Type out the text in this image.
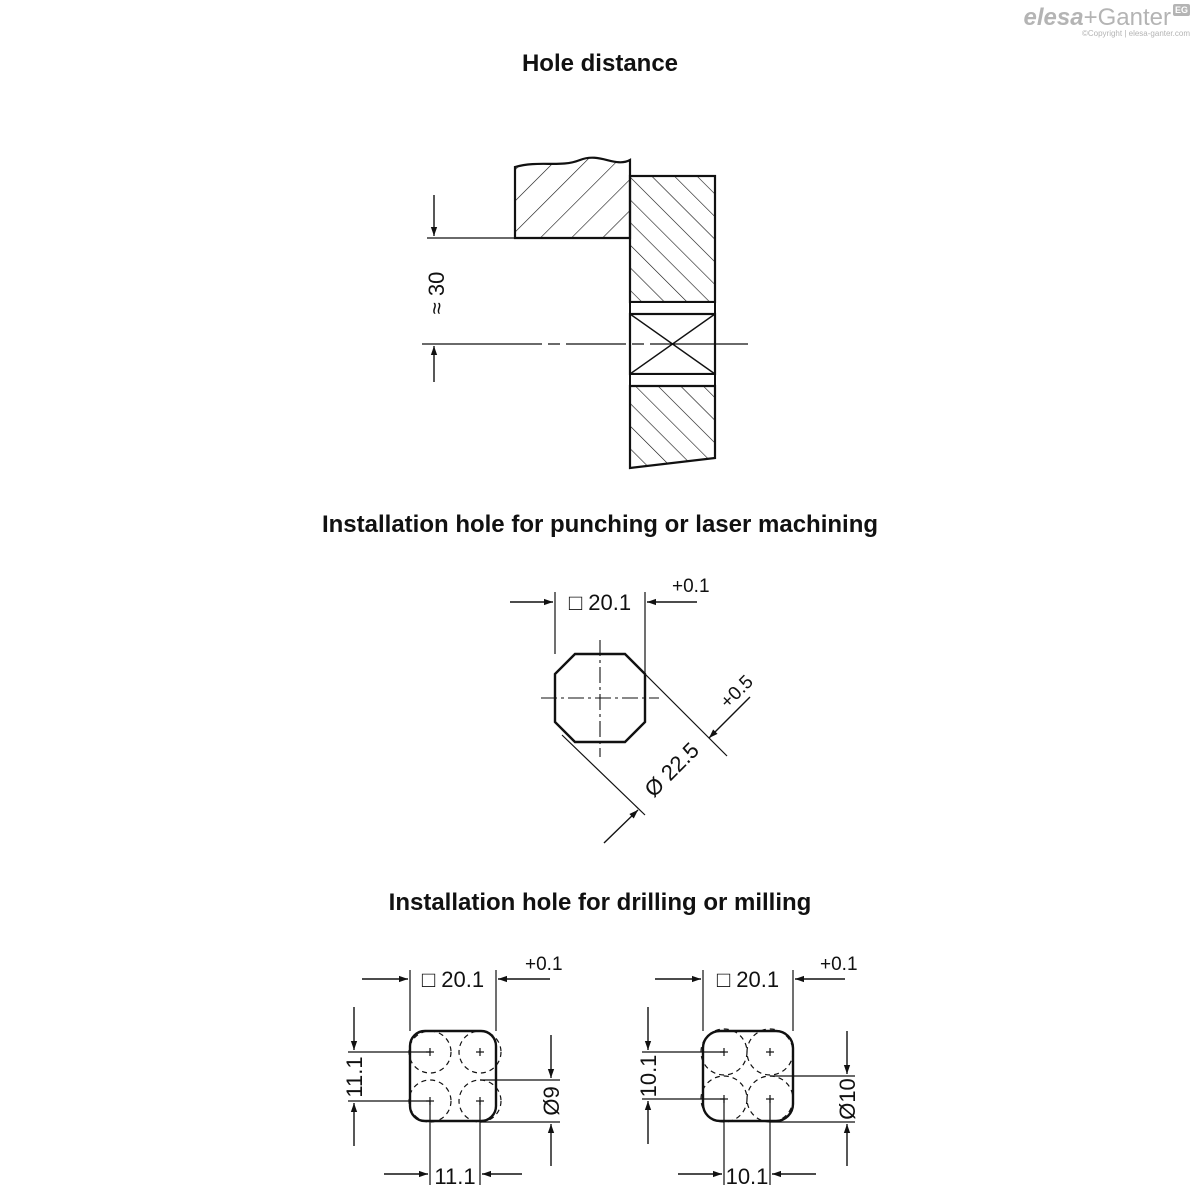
elesa+Ganter EG
©Copyright | elesa-ganter.com
Hole distance
Installation hole for punching or laser machining
Installation hole for drilling or milling
≈ 30
□ 20.1
+0.1
Ø 22.5
+0.5
□ 20.1
+0.1
11.1
11.1
Ø9
□ 20.1
+0.1
10.1
10.1
Ø10
